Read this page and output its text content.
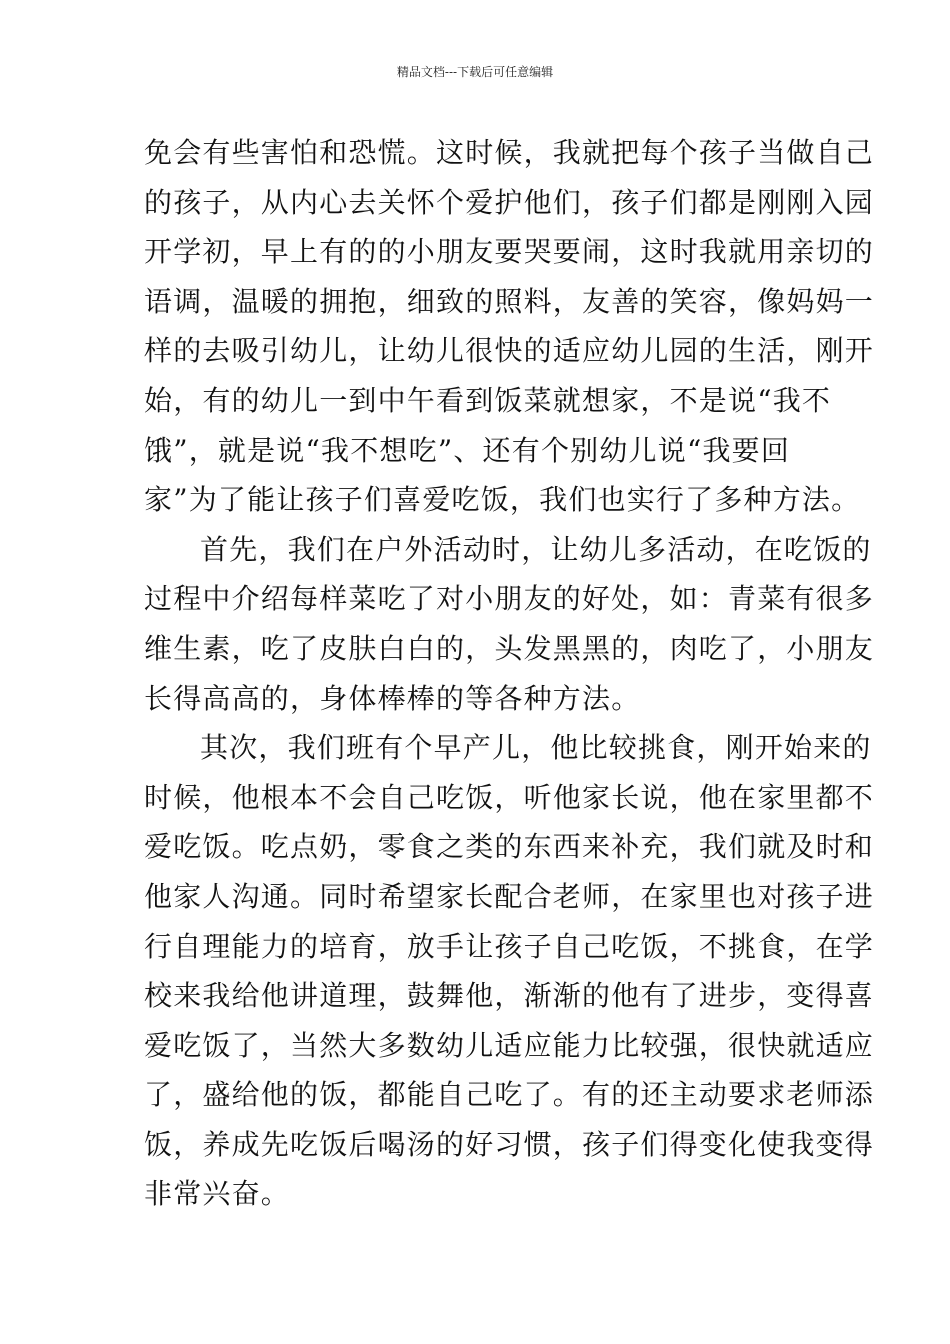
精品文档---下载后可任意编辑
免会有些害怕和恐慌。这时候，我就把每个孩子当做自己
的孩子，从内心去关怀个爱护他们，孩子们都是刚刚入园
开学初，早上有的的小朋友要哭要闹，这时我就用亲切的
语调，温暖的拥抱，细致的照料，友善的笑容，像妈妈一
样的去吸引幼儿，让幼儿很快的适应幼儿园的生活，刚开
始，有的幼儿一到中午看到饭菜就想家，不是说“我不
饿”，就是说“我不想吃”、还有个别幼儿说“我要回
家”为了能让孩子们喜爱吃饭，我们也实行了多种方法。
首先，我们在户外活动时，让幼儿多活动，在吃饭的
过程中介绍每样菜吃了对小朋友的好处，如：青菜有很多
维生素，吃了皮肤白白的，头发黑黑的，肉吃了，小朋友
长得高高的，身体棒棒的等各种方法。
其次，我们班有个早产儿，他比较挑食，刚开始来的
时候，他根本不会自己吃饭，听他家长说，他在家里都不
爱吃饭。吃点奶，零食之类的东西来补充，我们就及时和
他家人沟通。同时希望家长配合老师，在家里也对孩子进
行自理能力的培育，放手让孩子自己吃饭，不挑食，在学
校来我给他讲道理，鼓舞他，渐渐的他有了进步，变得喜
爱吃饭了，当然大多数幼儿适应能力比较强，很快就适应
了，盛给他的饭，都能自己吃了。有的还主动要求老师添
饭，养成先吃饭后喝汤的好习惯，孩子们得变化使我变得
非常兴奋。
